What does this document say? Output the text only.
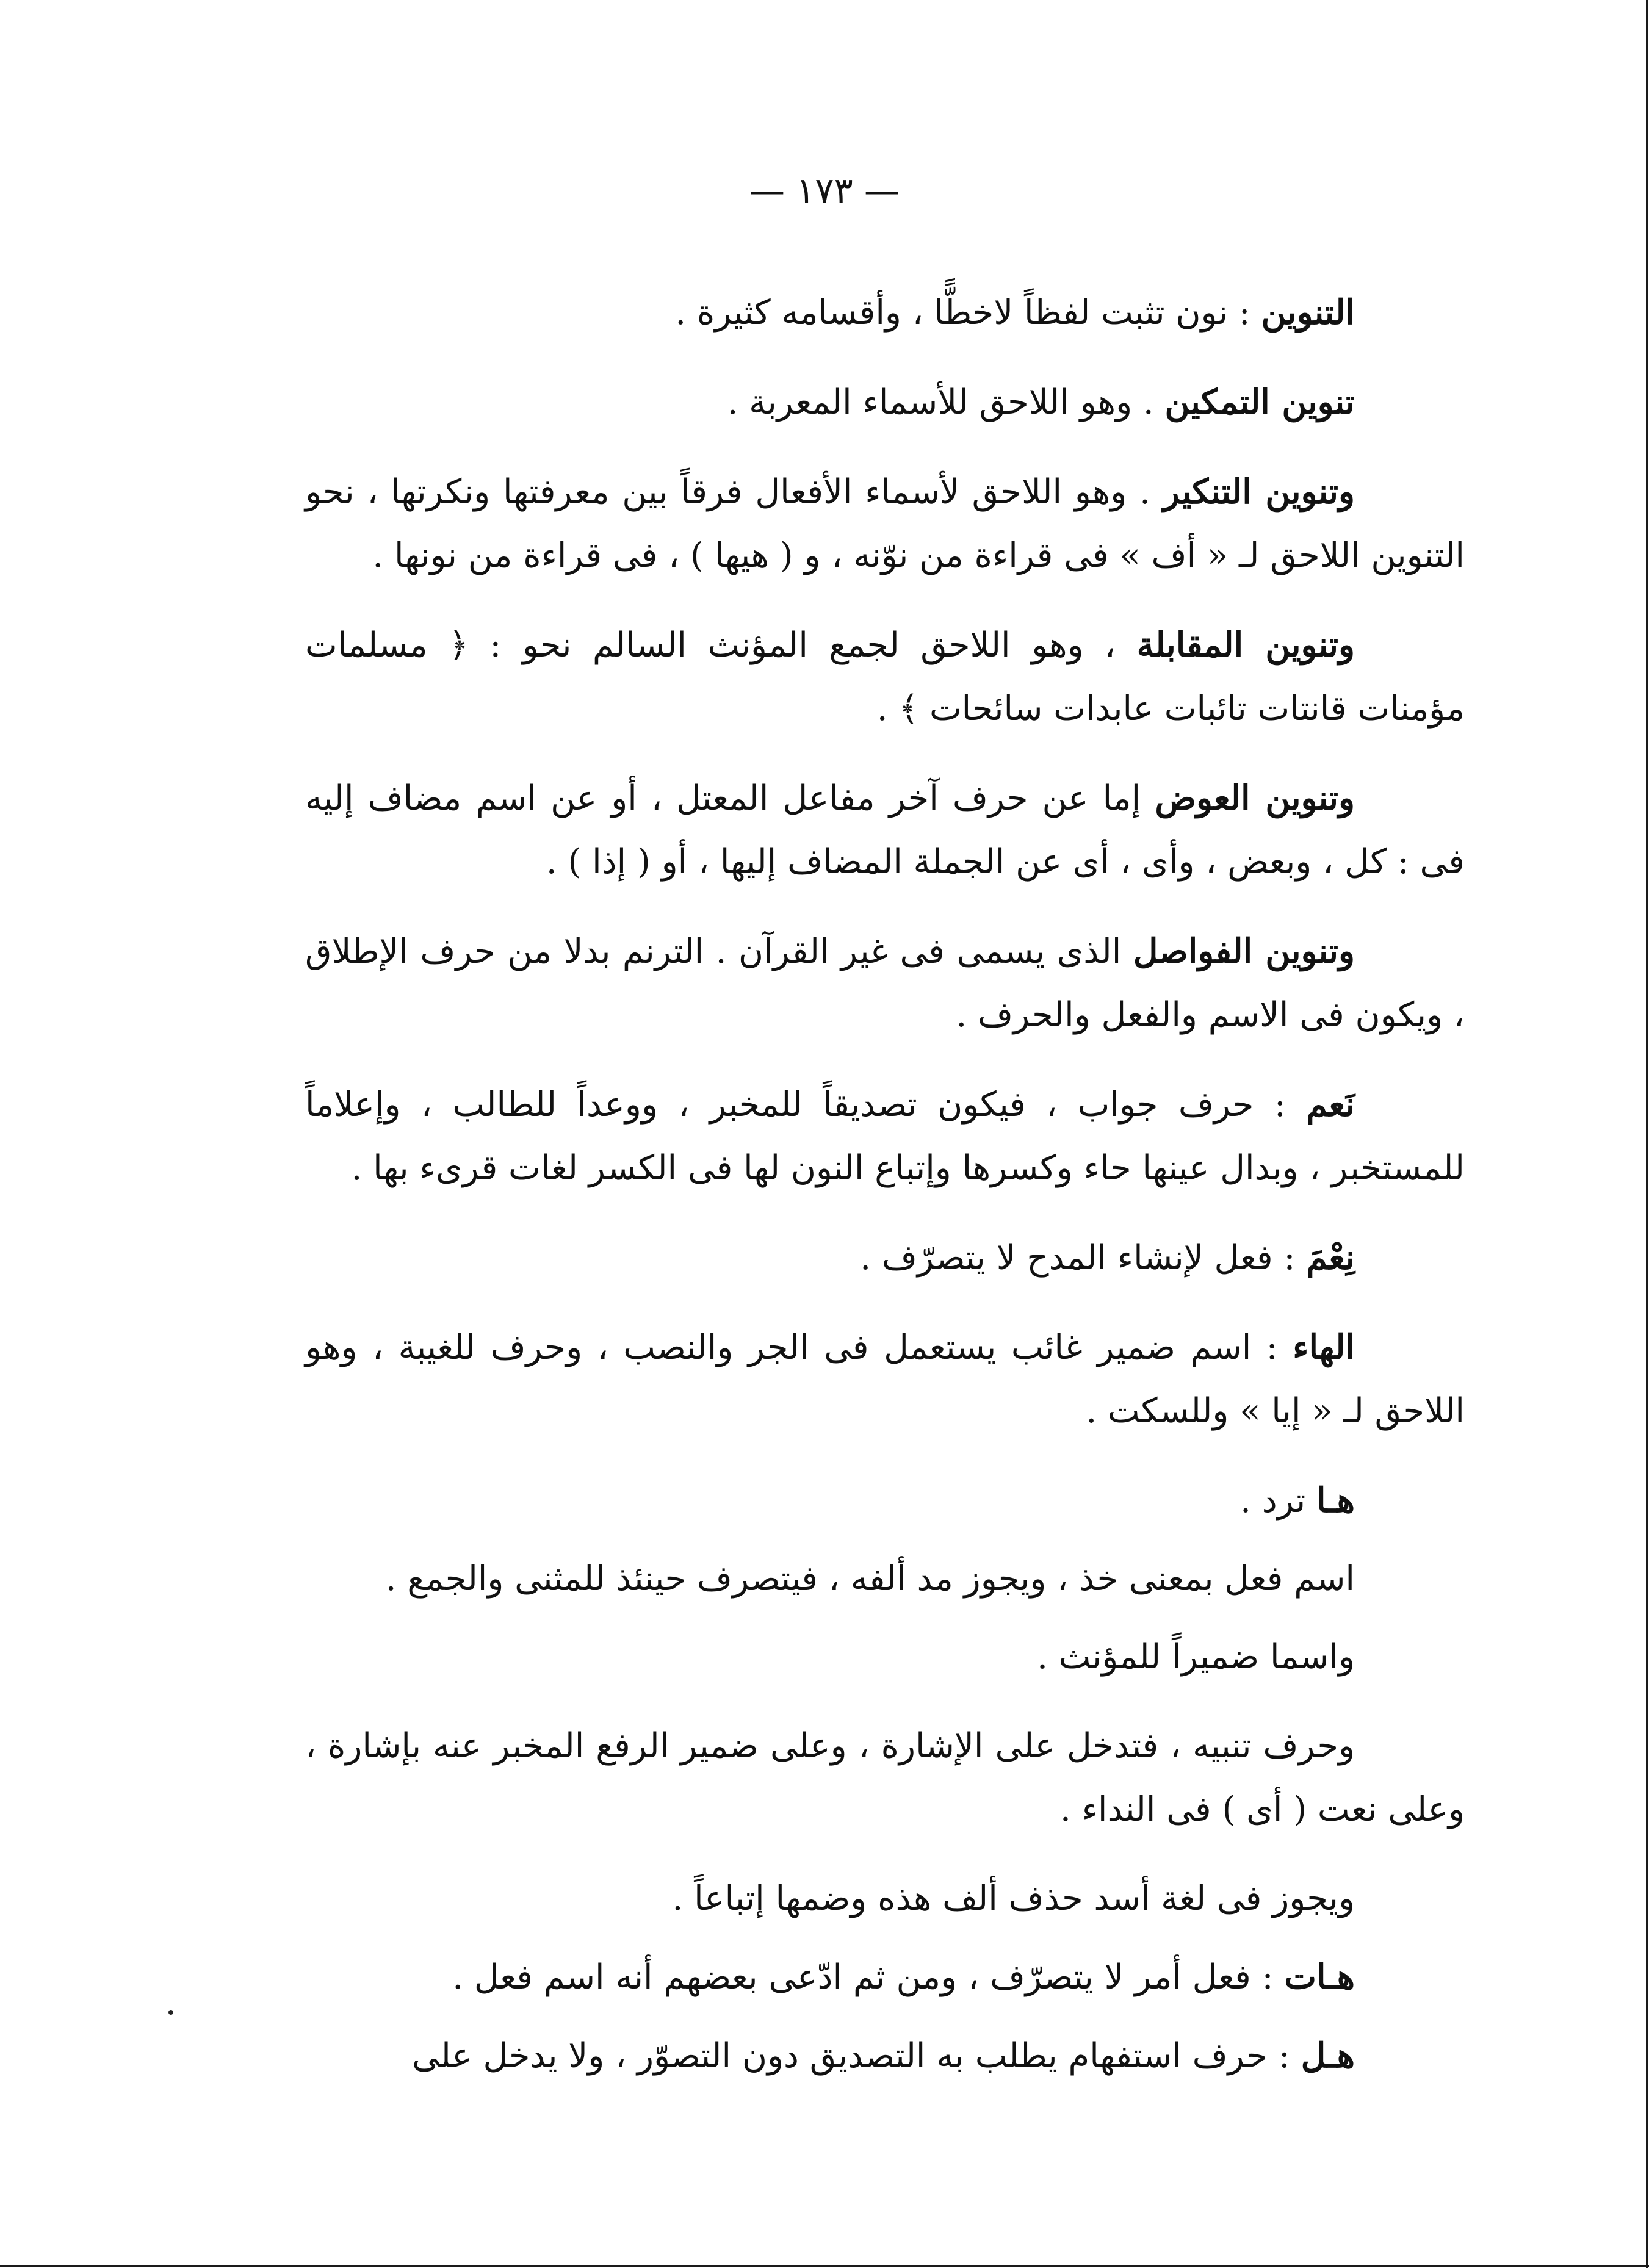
— ١٧٣ —

التنوين : نون تثبت لفظاً لاخطًّا ، وأقسامه كثيرة .

تنوين التمكين . وهو اللاحق للأسماء المعربة .

وتنوين التنكير . وهو اللاحق لأسماء الأفعال فرقاً بين معرفتها ونكرتها ، نحو التنوين اللاحق لـ « أف » فى قراءة من نوّنه ، و ( هيها ) ، فى قراءة من نونها .

وتنوين المقابلة ، وهو اللاحق لجمع المؤنث السالم نحو : ﴿ مسلمات مؤمنات قانتات تائبات عابدات سائحات ﴾ .

وتنوين العوض إما عن حرف آخر مفاعل المعتل ، أو عن اسم مضاف إليه فى : كل ، وبعض ، وأى ، أى عن الجملة المضاف إليها ، أو ( إذا ) .

وتنوين الفواصل الذى يسمى فى غير القرآن . الترنم بدلا من حرف الإطلاق ، ويكون فى الاسم والفعل والحرف .

نَعم : حرف جواب ، فيكون تصديقاً للمخبر ، ووعداً للطالب ، وإعلاماً للمستخبر ، وبدال عينها حاء وكسرها وإتباع النون لها فى الكسر لغات قرىء بها .

نِعْمَ : فعل لإنشاء المدح لا يتصرّف .

الهاء : اسم ضمير غائب يستعمل فى الجر والنصب ، وحرف للغيبة ، وهو اللاحق لـ « إيا » وللسكت .

هـا ترد .

اسم فعل بمعنى خذ ، ويجوز مد ألفه ، فيتصرف حينئذ للمثنى والجمع .

واسما ضميراً للمؤنث .

وحرف تنبيه ، فتدخل على الإشارة ، وعلى ضمير الرفع المخبر عنه بإشارة ، وعلى نعت ( أى ) فى النداء .

ويجوز فى لغة أسد حذف ألف هذه وضمها إتباعاً .

هـات : فعل أمر لا يتصرّف ، ومن ثم ادّعى بعضهم أنه اسم فعل .

هـل : حرف استفهام يطلب به التصديق دون التصوّر ، ولا يدخل على
